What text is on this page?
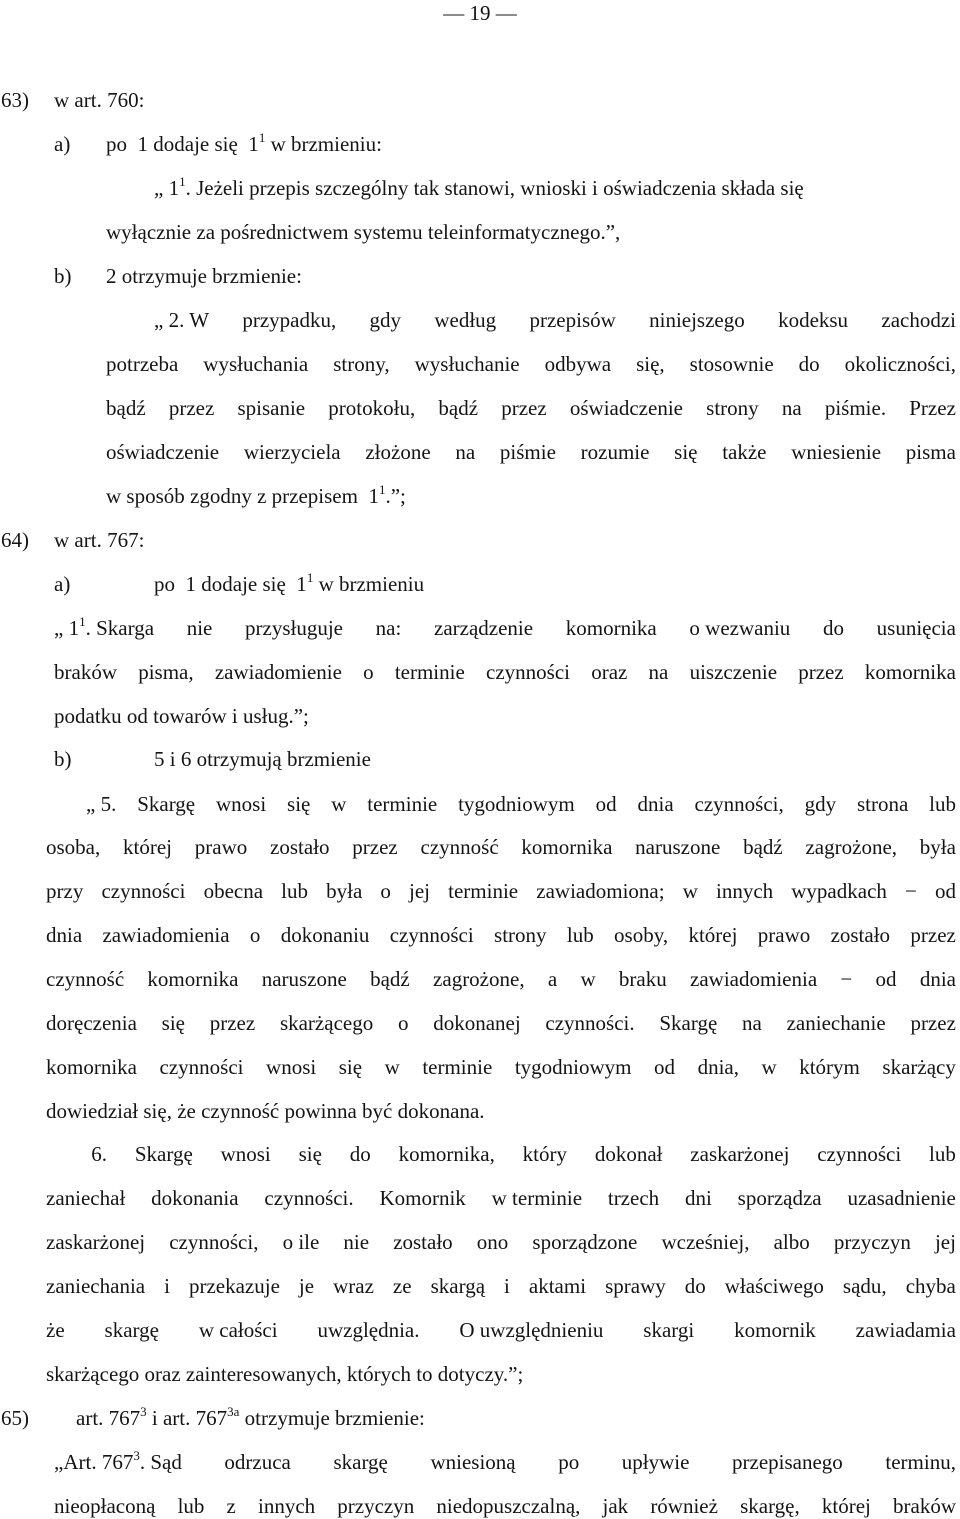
— 19 —
63) w art. 760:
a) po  1 dodaje się  $1^1$ w brzmieniu:
„ $1^1$. Jeżeli przepis szczególny tak stanowi, wnioski i oświadczenia składa się
wyłącznie za pośrednictwem systemu teleinformatycznego.”,
b) 2 otrzymuje brzmienie:
„ 2. W przypadku, gdy według przepisów niniejszego kodeksu zachodzi
potrzeba wysłuchania strony, wysłuchanie odbywa się, stosownie do okoliczności,
bądź przez spisanie protokołu, bądź przez oświadczenie strony na piśmie. Przez
oświadczenie wierzyciela złożone na piśmie rozumie się także wniesienie pisma
w sposób zgodny z przepisem  $1^1$.”;
64) w art. 767:
a)	po  1 dodaje się  $1^1$ w brzmieniu
„ $1^1$ . Skarga nie przysługuje na: zarządzenie komornika o wezwaniu do usunięcia
braków pisma, zawiadomienie o terminie czynności oraz na uiszczenie przez komornika
podatku od towarów i usług.”;
b)	5 i 6 otrzymują brzmienie
„ 5. Skargę wnosi się w terminie tygodniowym od dnia czynności, gdy strona lub
osoba, której prawo zostało przez czynność komornika naruszone bądź zagrożone, była
przy czynności obecna lub była o jej terminie zawiadomiona; w innych wypadkach − od
dnia zawiadomienia o dokonaniu czynności strony lub osoby, której prawo zostało przez
czynność komornika naruszone bądź zagrożone, a w braku zawiadomienia − od dnia
doręczenia się przez skarżącego o dokonanej czynności. Skargę na zaniechanie przez
komornika czynności wnosi się w terminie tygodniowym od dnia, w którym skarżący
dowiedział się, że czynność powinna być dokonana.
6. Skargę wnosi się do komornika, który dokonał zaskarżonej czynności lub
zaniechał dokonania czynności. Komornik w terminie trzech dni sporządza uzasadnienie
zaskarżonej czynności, o ile nie zostało ono sporządzone wcześniej, albo przyczyn jej
zaniechania i przekazuje je wraz ze skargą i aktami sprawy do właściwego sądu, chyba
że skargę w całości uwzględnia. O uwzględnieniu skargi komornik zawiadamia
skarżącego oraz zainteresowanych, których to dotyczy.”;
65) art. $767^3$ i art. $767^{3a}$ otrzymuje brzmienie:
„Art. $767^3$ . Sąd odrzuca skargę wniesioną po upływie przepisanego terminu,
nieopłaconą lub z innych przyczyn niedopuszczalną, jak również skargę, której braków
